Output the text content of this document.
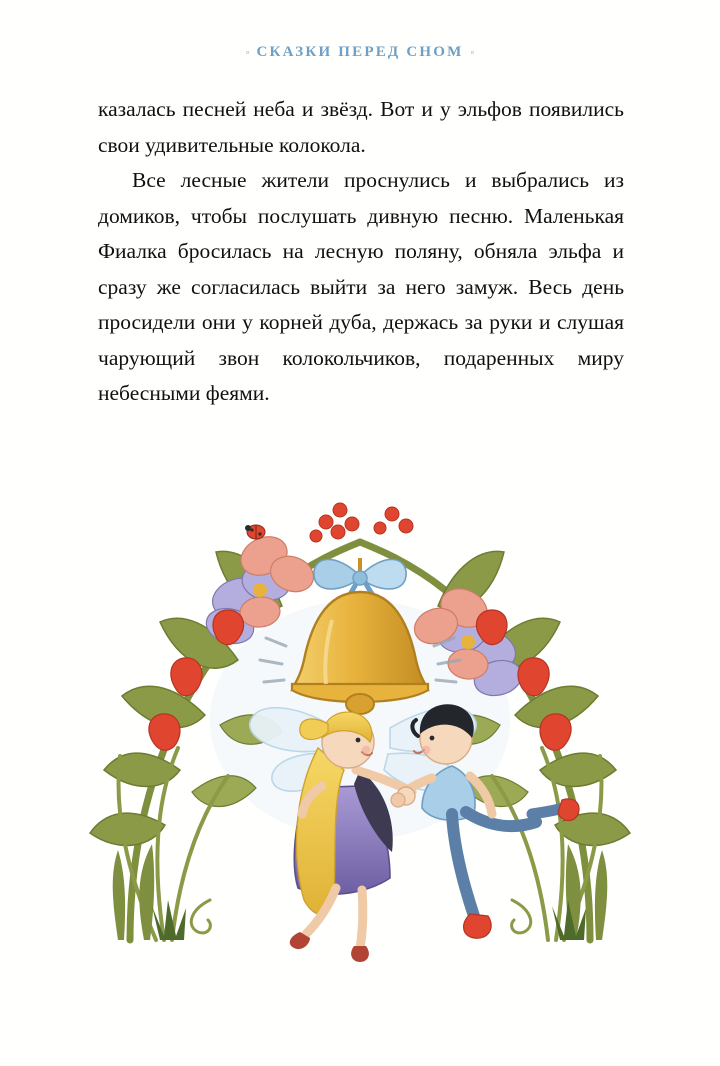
◦ СКАЗКИ ПЕРЕД СНОМ ◦

казалась песней неба и звёзд. Вот и у эльфов появились свои удивительные колокола.

Все лесные жители проснулись и выбрались из домиков, чтобы послушать дивную песню. Маленькая Фиалка бросилась на лесную поляну, обняла эльфа и сразу же согласилась выйти за него замуж. Весь день просидели они у корней дуба, держась за руки и слушая чарующий звон колокольчиков, подаренных миру небесными феями.
